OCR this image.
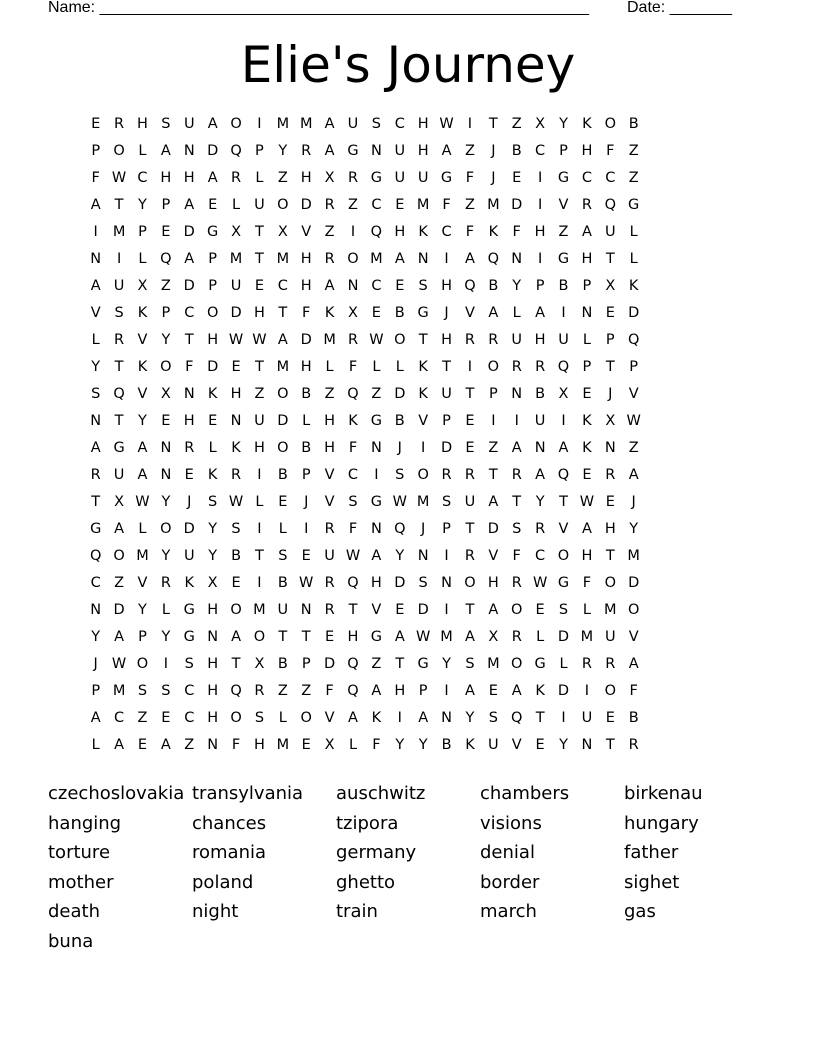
Name: _______________________________________________________ Date: _______
Elie's Journey
E R H S U A O	I	M M A U S C H W I	T Z X Y K O B
P O L A N D Q P	Y R A G N U H A Z	J	B C P H F Z
F W C H H A R L Z H X R G U U G F	J	E	I	G C C Z
A T	Y	P A E	L U O D R Z C E M F Z M D	I	V R Q G
I	M P E D G X T X V Z	I	Q H K C F K F H Z A U L
N	I	L Q A P M T M H R O M A N	I	A Q N	I	G H T	L
A U X Z D P U E C H A N C E S H Q B Y	P B P X K
V S K P C O D H T	F K X E B G	J	V A L A	I	N E D
L R V Y	T H W W A D M R W O T H R R U H U L	P Q
Y	T K O F D E T M H L	F	L	L	K T	I	O R R Q P	T	P
S Q V X N K H Z O B Z Q Z D K U T	P N B X E	J	V
N T	Y E H E N U D L H K G B V P E	I	I	U	I	K X W
A G A N R L	K H O B H F N	J	I	D E Z A N A K N Z
R U A N E K R	I	B P V C	I	S O R R T R A Q E R A
T X W Y	J	S W L	E	J	V S G W M S U A T	Y	T W E	J
G A L O D Y S	I	L	I	R F N Q	J	P	T D S R V A H Y
Q O M Y U Y B T S E U W A Y N	I	R V F C O H T M
C Z V R K X E	I	B W R Q H D S N O H R W G F O D
N D Y	L G H O M U N R T V E D	I	T A O E S	L M O
Y A P	Y G N A O T	T E H G A W M A X R L D M U V
J W O	I	S H T X B P D Q Z T G Y S M O G L R R A
P M S S C H Q R Z Z F Q A H P	I	A E A K D	I	O F
A C Z E C H O S	L O V A K	I	A N Y S Q T	I	U E B
L A E A Z N F H M E X L	F	Y	Y B K U V E Y N T R
czechoslovakia transylvania	auschwitz	chambers	birkenau
hanging	chances	tzipora	visions	hungary
torture	romania	germany	denial	father
mother	poland	ghetto	border	sighet
death	night	train	march	gas
buna
